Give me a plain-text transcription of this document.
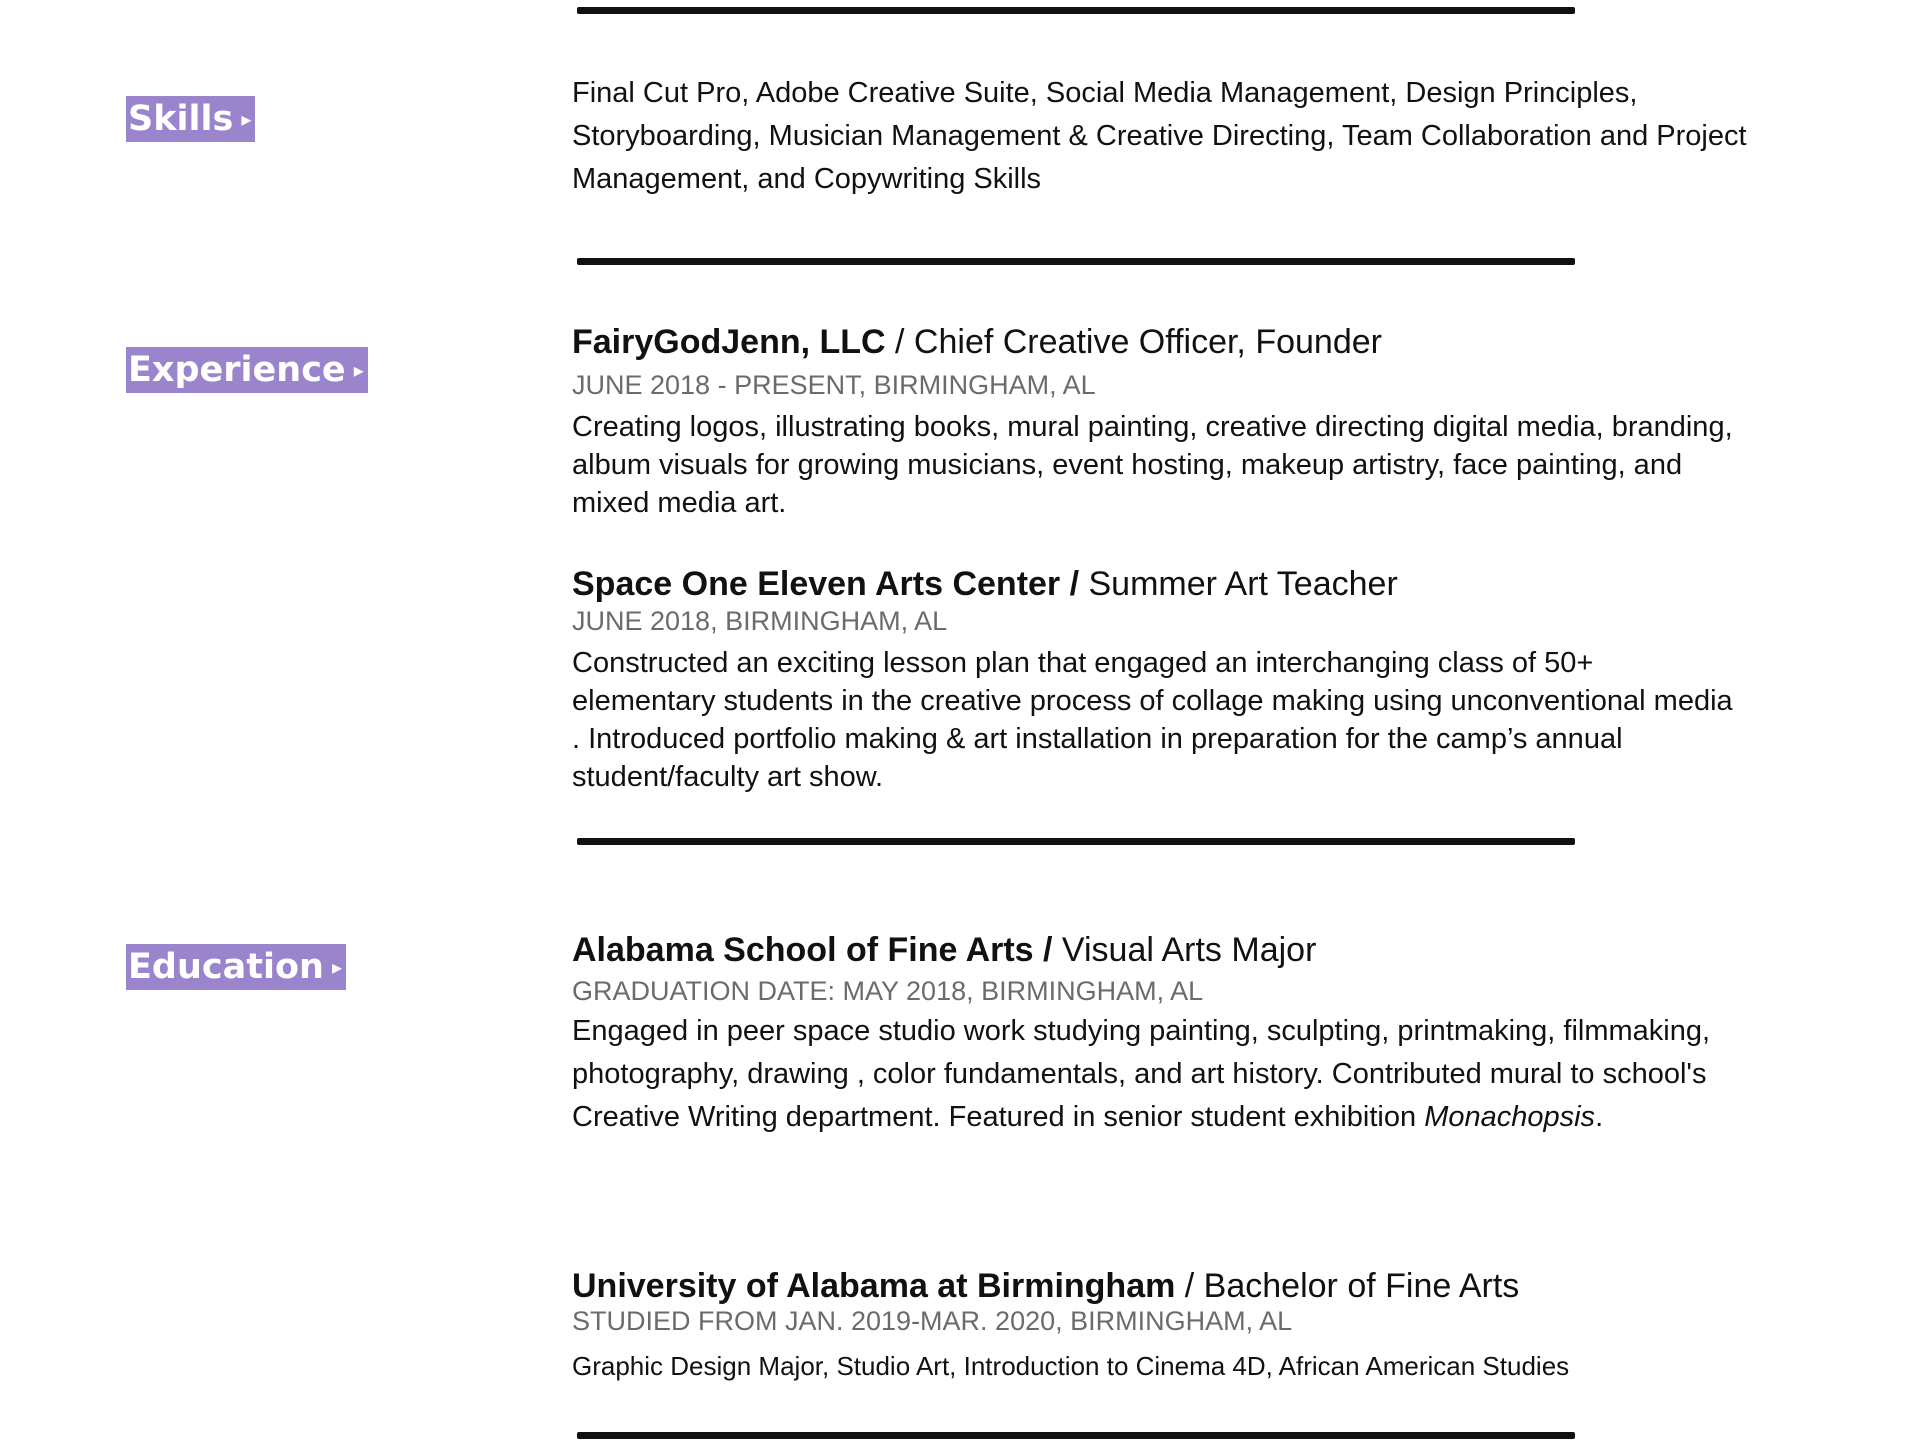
Skills ▸
Final Cut Pro, Adobe Creative Suite, Social Media Management, Design Principles, Storyboarding, Musician Management & Creative Directing, Team Collaboration and Project Management, and Copywriting Skills
Experience ▸
FairyGodJenn, LLC / Chief Creative Officer, Founder
JUNE 2018 - PRESENT, BIRMINGHAM, AL
Creating logos, illustrating books, mural painting, creative directing digital media, branding, album visuals for growing musicians, event hosting, makeup artistry, face painting, and mixed media art.
Space One Eleven Arts Center / Summer Art Teacher
JUNE 2018, BIRMINGHAM, AL
Constructed an exciting lesson plan that engaged an interchanging class of 50+ elementary students in the creative process of collage making using unconventional media . Introduced portfolio making & art installation in preparation for the camp’s annual student/faculty art show.
Education ▸	Alabama School of Fine Arts / Visual Arts Major
GRADUATION DATE: MAY 2018, BIRMINGHAM, AL
Engaged in peer space studio work studying painting, sculpting, printmaking, filmmaking, photography, drawing , color fundamentals, and art history. Contributed mural to school's Creative Writing department. Featured in senior student exhibition Monachopsis.
University of Alabama at Birmingham / Bachelor of Fine Arts
STUDIED FROM JAN. 2019-MAR. 2020, BIRMINGHAM, AL
Graphic Design Major, Studio Art, Introduction to Cinema 4D, African American Studies
